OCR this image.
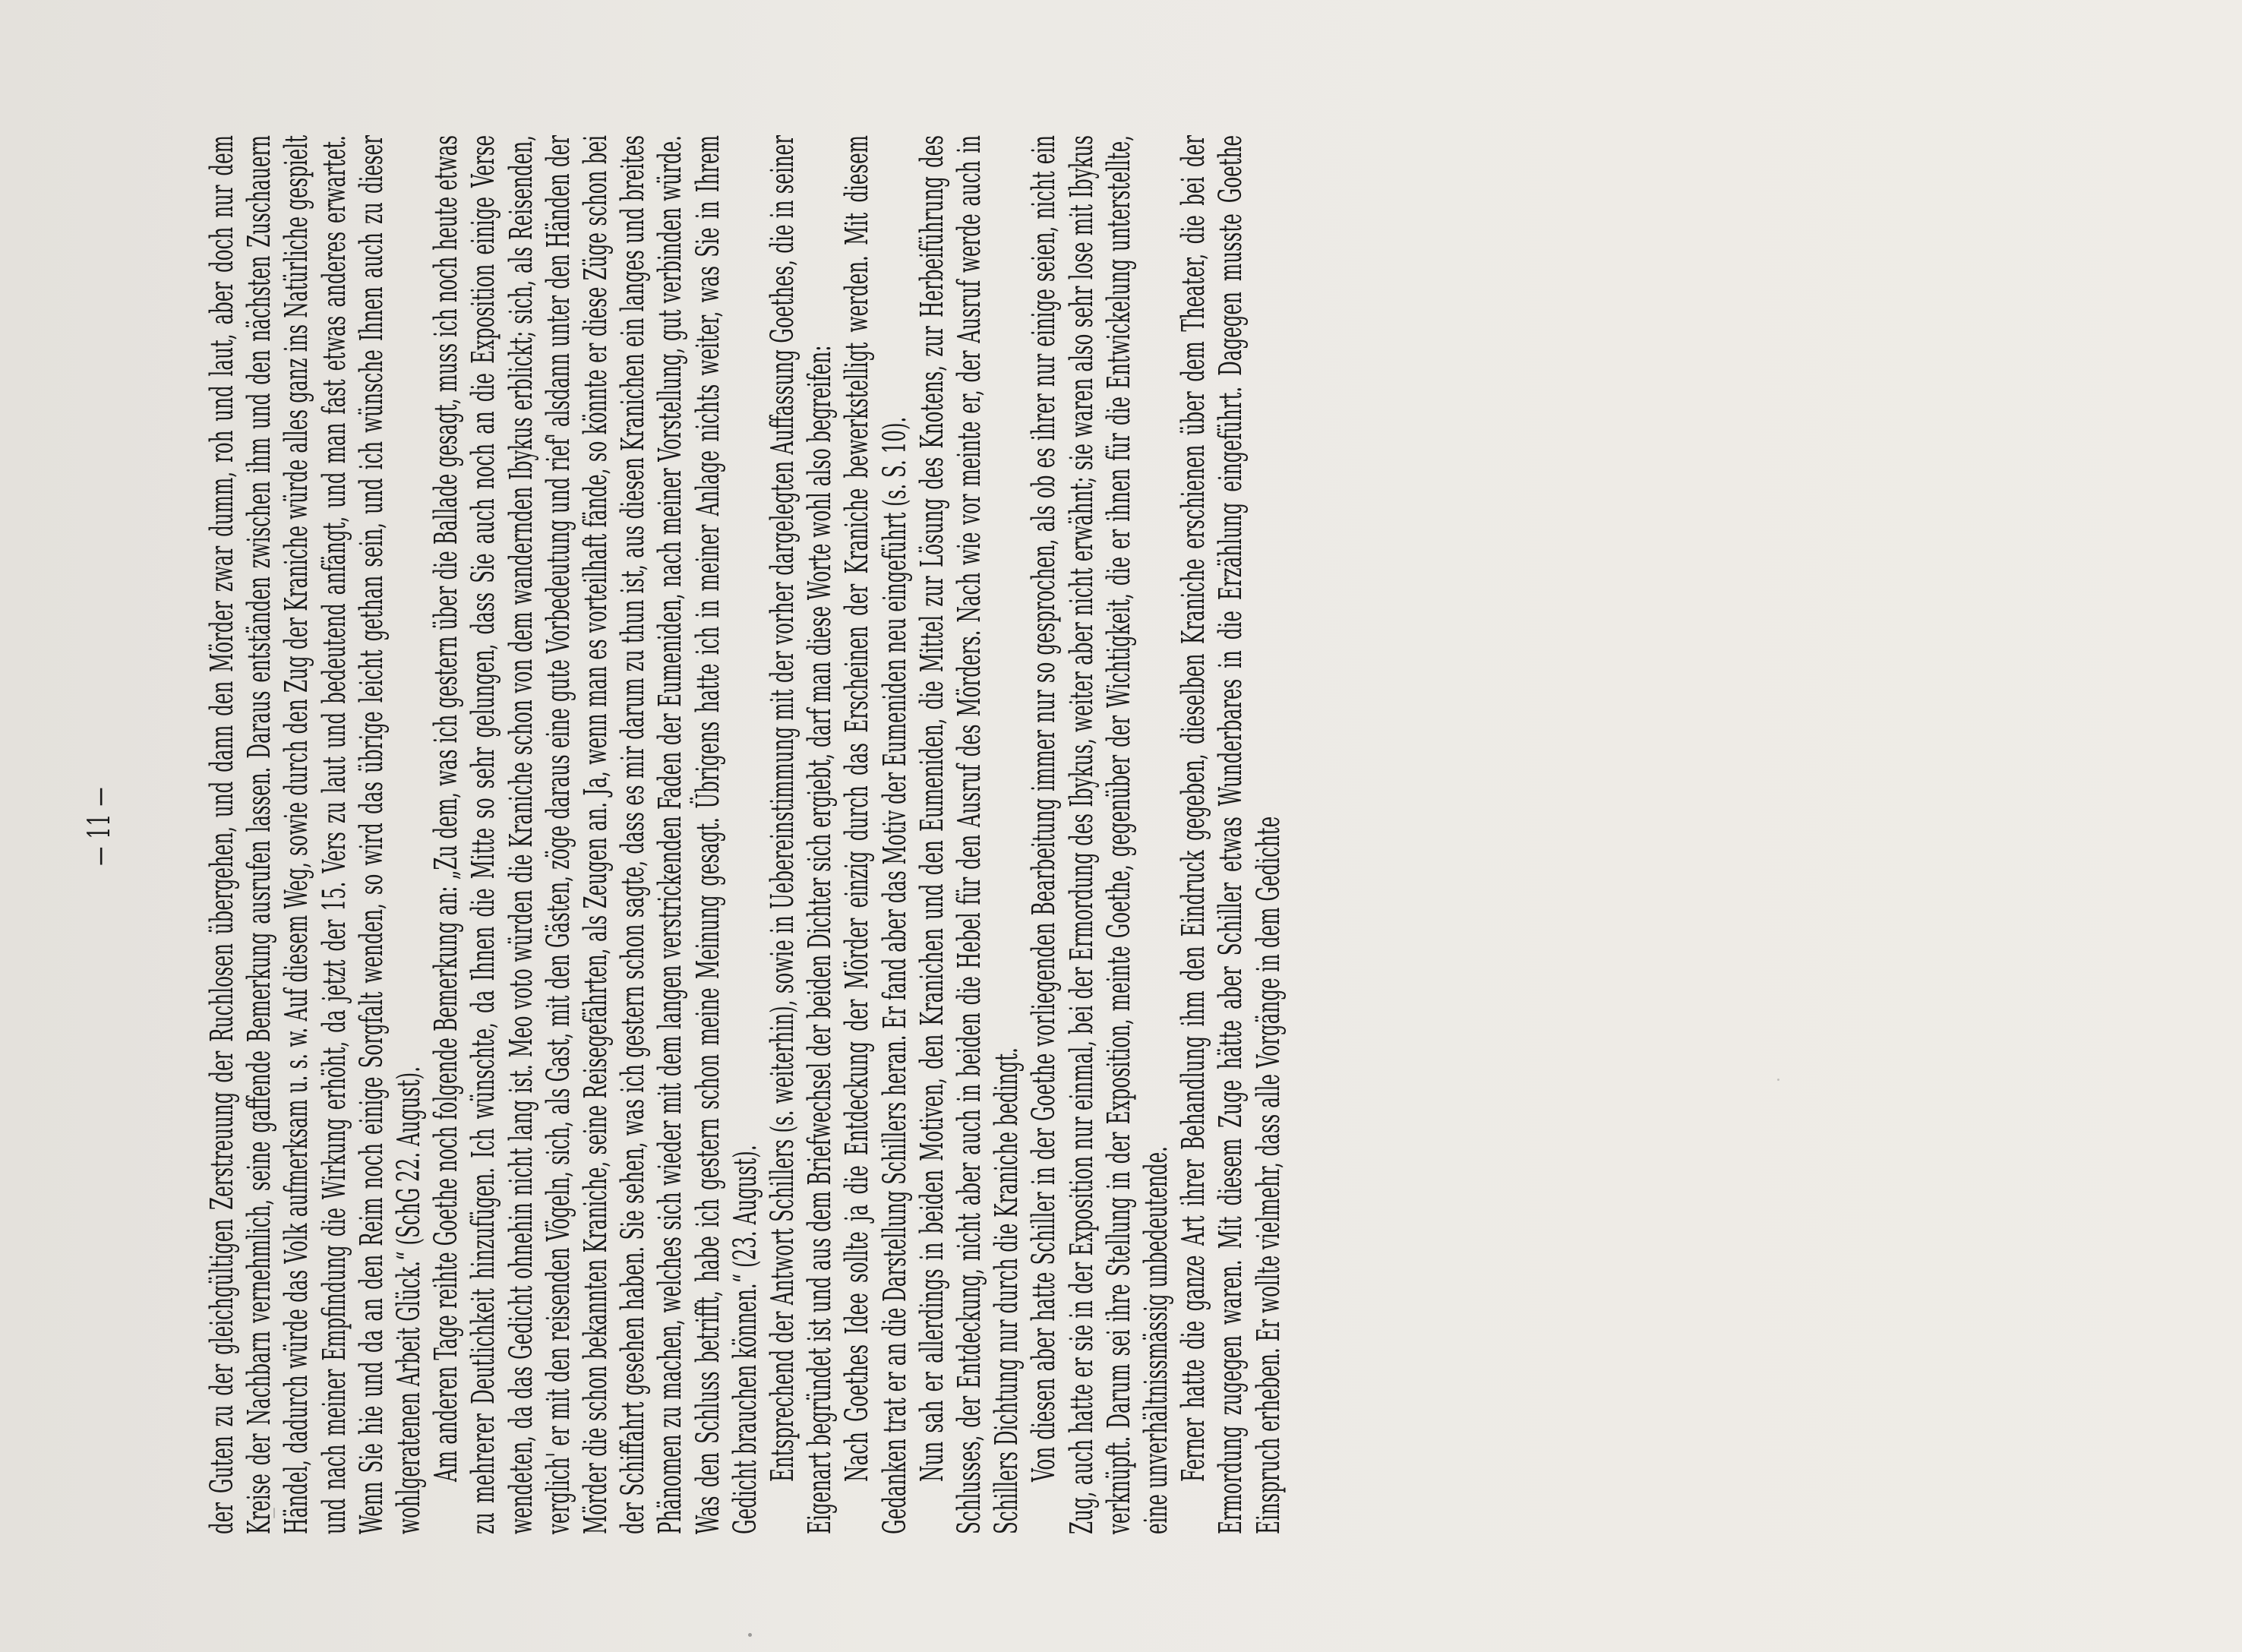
— 11 —	der Guten zu der gleichgültigen Zerstreuung der Ruchlosen übergehen, und dann den Mörder zwar dumm, roh und laut, aber doch nur dem Kreise der Nachbarn vernehmlich, seine gaffende Bemerkung ausrufen lassen. Daraus entständen zwischen ihm und den nächsten Zuschauern Händel, dadurch würde das Volk aufmerksam u. s. w. Auf diesem Weg, sowie durch den Zug der Kraniche würde alles ganz ins Natürliche gespielt und nach meiner Empfindung die Wirkung erhöht, da jetzt der 15. Vers zu laut und bedeutend anfängt, und man fast etwas anderes erwartet. Wenn Sie hie und da an den Reim noch einige Sorgfalt wenden, so wird das übrige leicht gethan sein, und ich wünsche Ihnen auch zu dieser wohlgeratenen Arbeit Glück.“ (SchG 22. August). Am anderen Tage reihte Goethe noch folgende Bemerkung an: „Zu dem, was ich gestern über die Ballade gesagt, muss ich noch heute etwas zu mehrerer Deutlichkeit hinzufügen. Ich wünschte, da Ihnen die Mitte so sehr gelungen, dass Sie auch noch an die Exposition einige Verse wendeten, da das Gedicht ohnehin nicht lang ist. Meo voto würden die Kraniche schon von dem wandernden Ibykus erblickt; sich, als Reisenden, verglich' er mit den reisenden Vögeln, sich, als Gast, mit den Gästen, zöge daraus eine gute Vorbedeutung und rief' alsdann unter den Händen der Mörder die schon bekannten Kraniche, seine Reisegefährten, als Zeugen an. Ja, wenn man es vorteilhaft fände, so könnte er diese Züge schon bei der Schiffahrt gesehen haben. Sie sehen, was ich gestern schon sagte, dass es mir darum zu thun ist, aus diesen Kranichen ein langes und breites Phänomen zu machen, welches sich wieder mit dem langen verstrickenden Faden der Eumeniden, nach meiner Vorstellung, gut verbinden würde. Was den Schluss betrifft, habe ich gestern schon meine Meinung gesagt. Übrigens hatte ich in meiner Anlage nichts weiter, was Sie in Ihrem Gedicht brauchen können.“ (23. August). Entsprechend der Antwort Schillers (s. weiterhin), sowie in Uebereinstimmung mit der vorher dargelegten Auffassung Goethes, die in seiner Eigenart begründet ist und aus dem Briefwechsel der beiden Dichter sich ergiebt, darf man diese Worte wohl also begreifen: Nach Goethes Idee sollte ja die Entdeckung der Mörder einzig durch das Erscheinen der Kraniche bewerkstelligt werden. Mit diesem Gedanken trat er an die Darstellung Schillers heran. Er fand aber das Motiv der Eumeniden neu eingeführt (s. S. 10). Nun sah er allerdings in beiden Motiven, den Kranichen und den Eumeniden, die Mittel zur Lösung des Knotens, zur Herbeiführung des Schlusses, der Entdeckung, nicht aber auch in beiden die Hebel für den Ausruf des Mörders. Nach wie vor meinte er, der Ausruf werde auch in Schillers Dichtung nur durch die Kraniche bedingt. Von diesen aber hatte Schiller in der Goethe vorliegenden Bearbeitung immer nur so gesprochen, als ob es ihrer nur einige seien, nicht ein Zug, auch hatte er sie in der Exposition nur einmal, bei der Ermordung des Ibykus, weiter aber nicht erwähnt; sie waren also sehr lose mit Ibykus verknüpft. Darum sei ihre Stellung in der Exposition, meinte Goethe, gegenüber der Wichtigkeit, die er ihnen für die Entwickelung unterstellte, eine unverhältnissmässig unbedeutende. Ferner hatte die ganze Art ihrer Behandlung ihm den Eindruck gegeben, dieselben Kraniche erschienen über dem Theater, die bei der Ermordung zugegen waren. Mit diesem Zuge hätte aber Schiller etwas Wunderbares in die Erzählung eingeführt. Dagegen musste Goethe Einspruch erheben. Er wollte vielmehr, dass alle Vorgänge in dem Gedichte
